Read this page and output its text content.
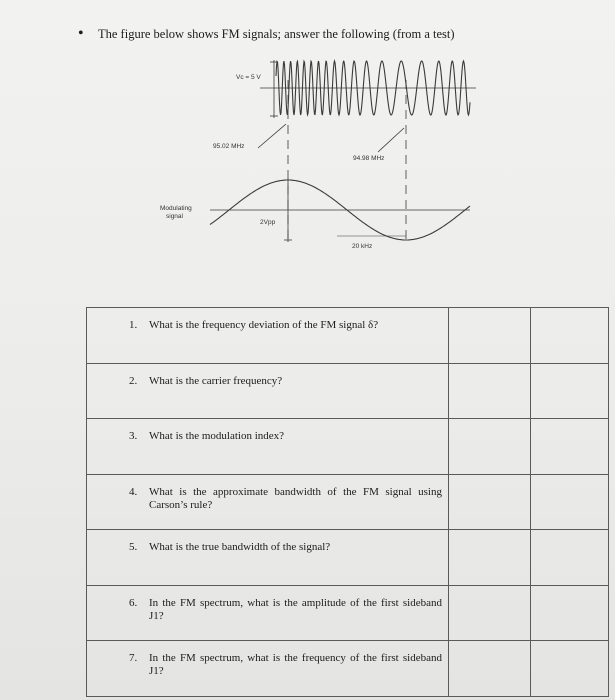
• The figure below shows FM signals; answer the following (from a test)
Vc = 5 V
95.02 MHz
94.98 MHz
Modulating
signal
2Vpp
20 kHz
1. What is the frequency deviation of the FM signal δ?		

2. What is the carrier frequency?		

3. What is the modulation index?		

4. What is the approximate bandwidth of the FM signal using Carson’s rule?		

5. What is the true bandwidth of the signal?		

6. In the FM spectrum, what is the amplitude of the first sideband J1?		

7. In the FM spectrum, what is the frequency of the first sideband J1?		
